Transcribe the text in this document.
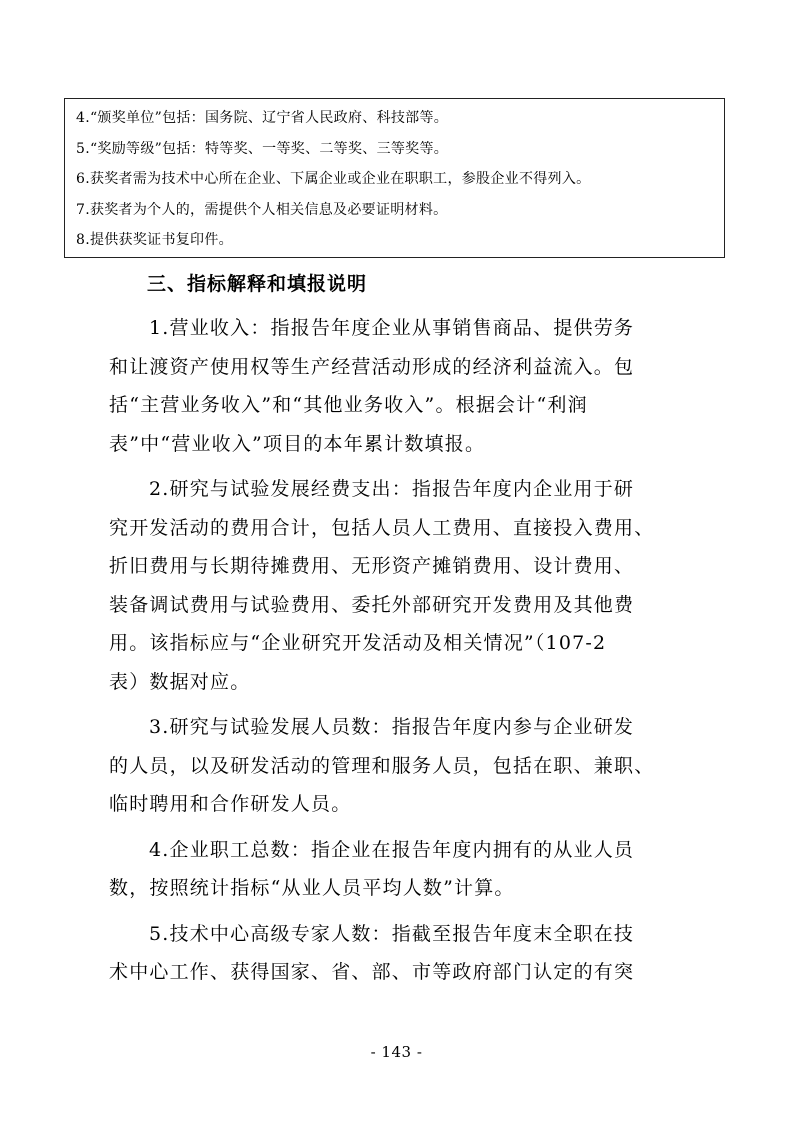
4.“颁奖单位”包括：国务院、辽宁省人民政府、科技部等。
5.“奖励等级”包括：特等奖、一等奖、二等奖、三等奖等。
6.获奖者需为技术中心所在企业、下属企业或企业在职职工，参股企业不得列入。
7.获奖者为个人的，需提供个人相关信息及必要证明材料。
8.提供获奖证书复印件。
三、指标解释和填报说明
1.营业收入：指报告年度企业从事销售商品、提供劳务
和让渡资产使用权等生产经营活动形成的经济利益流入。包
括“主营业务收入”和“其他业务收入”。根据会计“利润
表”中“营业收入”项目的本年累计数填报。
2.研究与试验发展经费支出：指报告年度内企业用于研
究开发活动的费用合计，包括人员人工费用、直接投入费用、
折旧费用与长期待摊费用、无形资产摊销费用、设计费用、
装备调试费用与试验费用、委托外部研究开发费用及其他费
用。该指标应与“企业研究开发活动及相关情况”（107-2
表）数据对应。
3.研究与试验发展人员数：指报告年度内参与企业研发
的人员，以及研发活动的管理和服务人员，包括在职、兼职、
临时聘用和合作研发人员。
4.企业职工总数：指企业在报告年度内拥有的从业人员
数，按照统计指标“从业人员平均人数”计算。
5.技术中心高级专家人数：指截至报告年度末全职在技
术中心工作、获得国家、省、部、市等政府部门认定的有突
- 143 -
